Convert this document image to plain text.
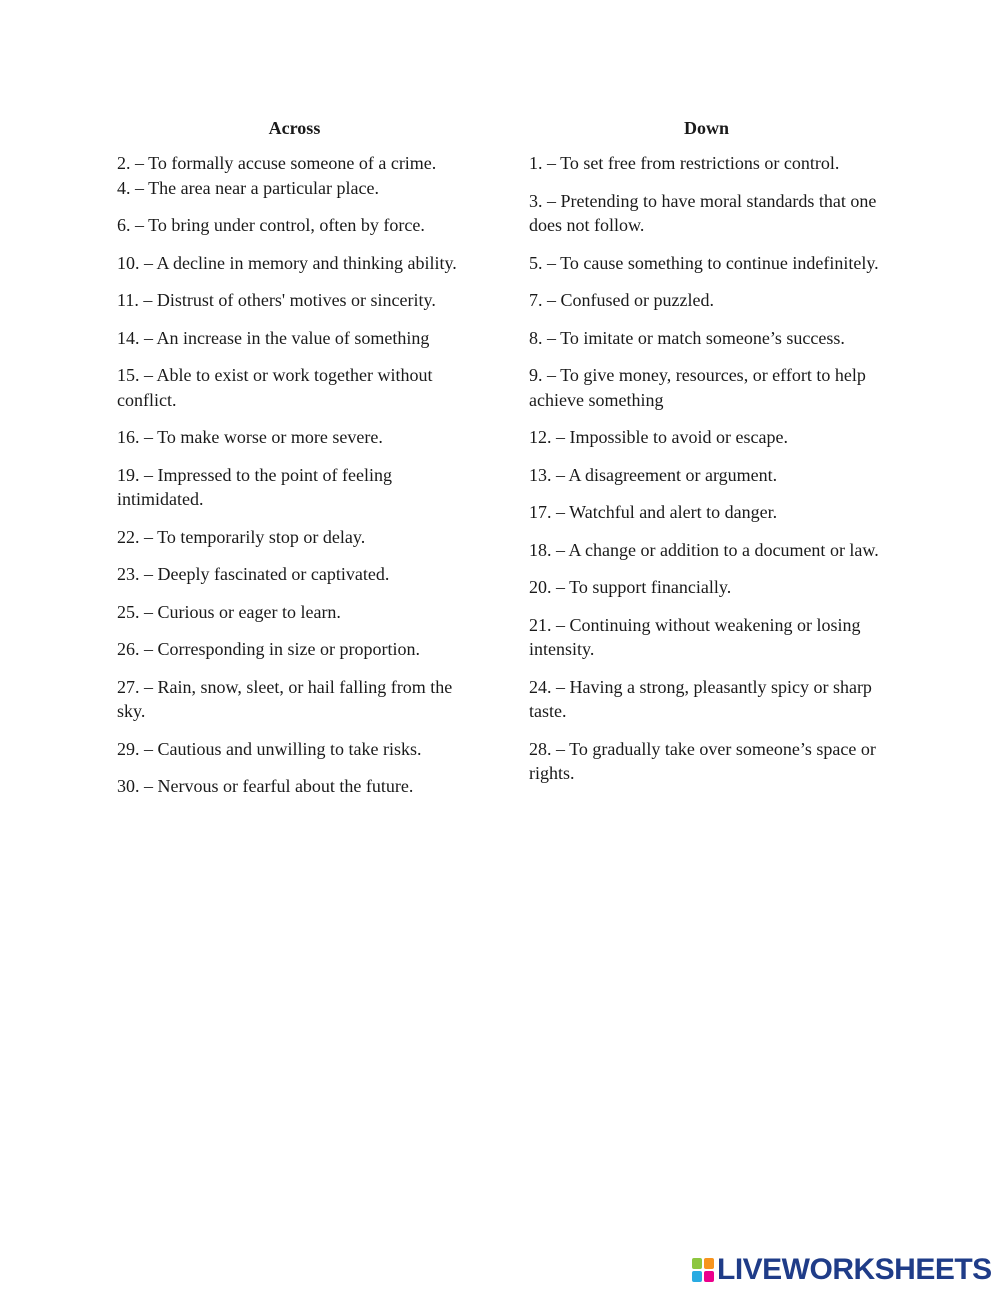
Across

2. – To formally accuse someone of a crime.

4. – The area near a particular place.

6. – To bring under control, often by force.

10. – A decline in memory and thinking ability.

11. – Distrust of others' motives or sincerity.

14. – An increase in the value of something

15. – Able to exist or work together without conflict.

16. – To make worse or more severe.

19. – Impressed to the point of feeling intimidated.

22. – To temporarily stop or delay.

23. – Deeply fascinated or captivated.

25. – Curious or eager to learn.

26. – Corresponding in size or proportion.

27. – Rain, snow, sleet, or hail falling from the sky.

29. – Cautious and unwilling to take risks.

30. – Nervous or fearful about the future.

Down

1. – To set free from restrictions or control.

3. – Pretending to have moral standards that one does not follow.

5. – To cause something to continue indefinitely.

7. – Confused or puzzled.

8. – To imitate or match someone’s success.

9. – To give money, resources, or effort to help achieve something

12. – Impossible to avoid or escape.

13. – A disagreement or argument.

17. – Watchful and alert to danger.

18. – A change or addition to a document or law.

20. – To support financially.

21. – Continuing without weakening or losing intensity.

24. – Having a strong, pleasantly spicy or sharp taste.

28. – To gradually take over someone’s space or rights.

LIVEWORKSHEETS
